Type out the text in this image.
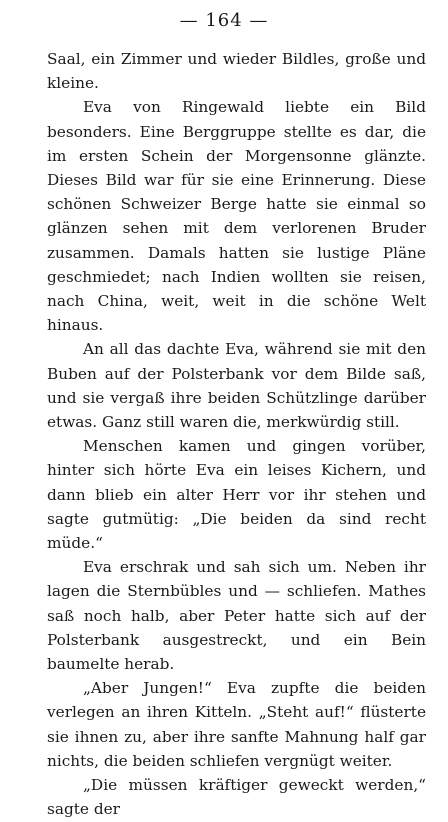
— 164 —

Saal, ein Zimmer und wieder Bildles, große und kleine.

Eva von Ringewald liebte ein Bild besonders. Eine Berggruppe stellte es dar, die im ersten Schein der Morgensonne glänzte. Dieses Bild war für sie eine Erinnerung. Diese schönen Schweizer Berge hatte sie einmal so glänzen sehen mit dem verlorenen Bruder zusammen. Damals hatten sie lustige Pläne geschmiedet; nach Indien wollten sie reisen, nach China, weit, weit in die schöne Welt hinaus.

An all das dachte Eva, während sie mit den Buben auf der Polsterbank vor dem Bilde saß, und sie vergaß ihre beiden Schützlinge darüber etwas. Ganz still waren die, merkwürdig still.

Menschen kamen und gingen vorüber, hinter sich hörte Eva ein leises Kichern, und dann blieb ein alter Herr vor ihr stehen und sagte gutmütig: „Die beiden da sind recht müde.“

Eva erschrak und sah sich um. Neben ihr lagen die Sternbübles und — schliefen. Mathes saß noch halb, aber Peter hatte sich auf der Polsterbank ausgestreckt, und ein Bein baumelte herab.

„Aber Jungen!“ Eva zupfte die beiden verlegen an ihren Kitteln. „Steht auf!“ flüsterte sie ihnen zu, aber ihre sanfte Mahnung half gar nichts, die beiden schliefen vergnügt weiter.

„Die müssen kräftiger geweckt werden,“ sagte der
